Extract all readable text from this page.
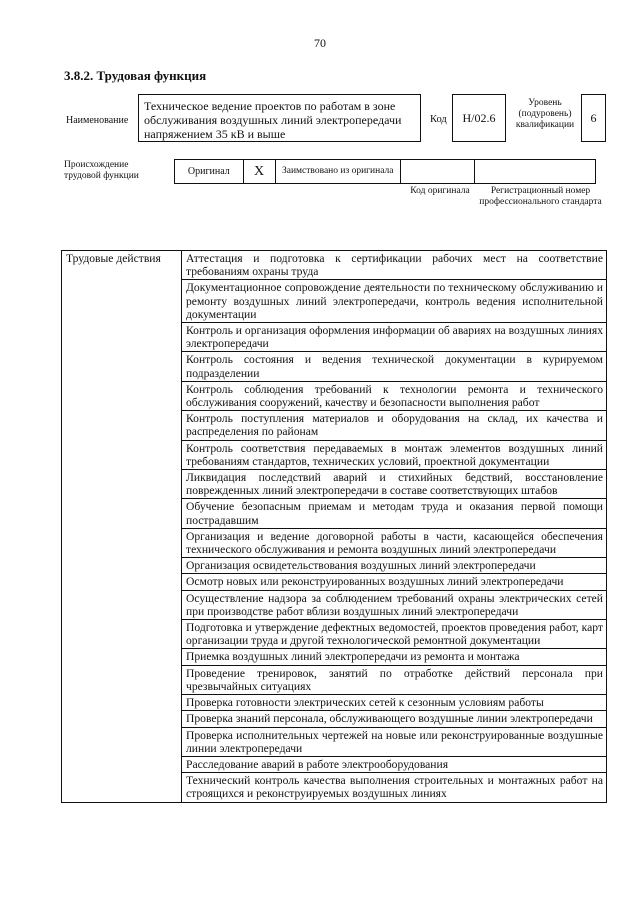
70
3.8.2. Трудовая функция
Наименование
Техническое ведение проектов по работам в зоне обслуживания воздушных линий электропередачи напряжением 35 кВ и выше
Код	Н/02.6
Уровень (подуровень) квалификации
6
Происхождение трудовой функции	Оригинал	X	Заимствовано из оригинала
Код оригинала	Регистрационный номер профессионального стандарта
Трудовые действия	Аттестация и подготовка к сертификации рабочих мест на соответствие требованиям охраны труда
Документационное сопровождение деятельности по техническому обслуживанию и ремонту воздушных линий электропередачи, контроль ведения исполнительной документации
Контроль и организация оформления информации об авариях на воздушных линиях электропередачи
Контроль состояния и ведения технической документации в курируемом подразделении
Контроль соблюдения требований к технологии ремонта и технического обслуживания сооружений, качеству и безопасности выполнения работ
Контроль поступления материалов и оборудования на склад, их качества и распределения по районам
Контроль соответствия передаваемых в монтаж элементов воздушных линий требованиям стандартов, технических условий, проектной документации
Ликвидация последствий аварий и стихийных бедствий, восстановление поврежденных линий электропередачи в составе соответствующих штабов
Обучение безопасным приемам и методам труда и оказания первой помощи пострадавшим
Организация и ведение договорной работы в части, касающейся обеспечения технического обслуживания и ремонта воздушных линий электропередачи
Организация освидетельствования воздушных линий электропередачи
Осмотр новых или реконструированных воздушных линий электропередачи
Осуществление надзора за соблюдением требований охраны электрических сетей при производстве работ вблизи воздушных линий электропередачи
Подготовка и утверждение дефектных ведомостей, проектов проведения работ, карт организации труда и другой технологической ремонтной документации
Приемка воздушных линий электропередачи из ремонта и монтажа
Проведение тренировок, занятий по отработке действий персонала при чрезвычайных ситуациях
Проверка готовности электрических сетей к сезонным условиям работы
Проверка знаний персонала, обслуживающего воздушные линии электропередачи
Проверка исполнительных чертежей на новые или реконструированные воздушные линии электропередачи
Расследование аварий в работе электрооборудования
Технический контроль качества выполнения строительных и монтажных работ на строящихся и реконструируемых воздушных линиях
